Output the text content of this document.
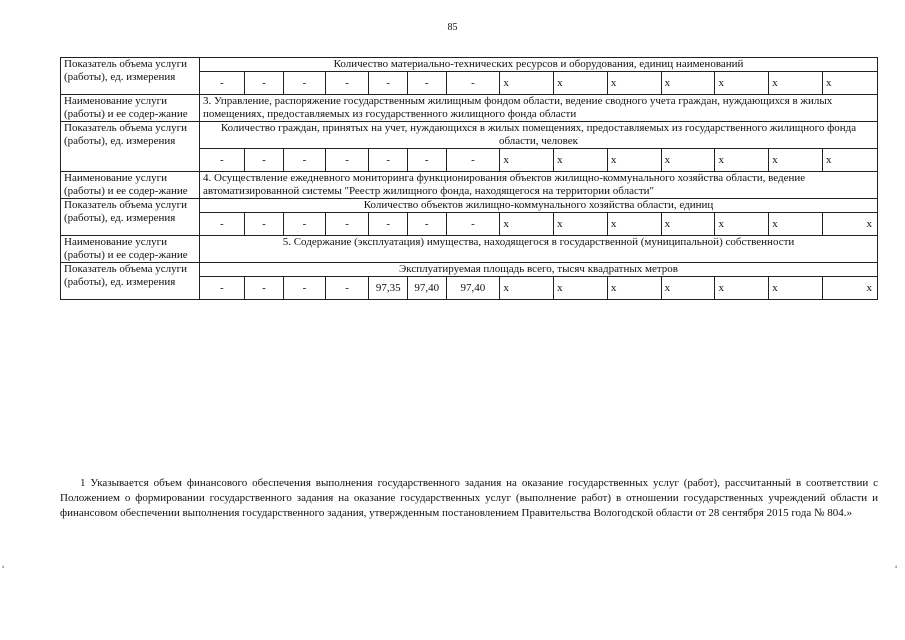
85
Показатель объема услуги (работы), ед. измерения	Количество материально-технических ресурсов и оборудования, единиц наименований													
	-	-	-	-	-	-	-	х	х	х	х	х	х	х
Наименование услуги (работы) и ее содер-жание	3. Управление, распоряжение государственным жилищным фондом области, ведение сводного учета граждан, нуждающихся в жилых помещениях, предоставляемых из государственного жилищного фонда области													
Показатель объема услуги (работы), ед. измерения	Количество граждан, принятых на учет, нуждающихся в жилых помещениях, предоставляемых из государственного жилищного фонда области, человек													
	-	-	-	-	-	-	-	х	х	х	х	х	х	х
Наименование услуги (работы) и ее содер-жание	4. Осуществление ежедневного мониторинга функционирования объектов жилищно-коммунального хозяйства области, ведение автоматизированной системы "Реестр жилищного фонда, находящегося на территории области"													
Показатель объема услуги (работы), ед. измерения	Количество объектов жилищно-коммунального хозяйства области, единиц													
	-	-	-	-	-	-	-	х	х	х	х	х	х	х
Наименование услуги (работы) и ее содер-жание	5. Содержание (эксплуатация) имущества, находящегося в государственной (муниципальной) собственности													
Показатель объема услуги (работы), ед. измерения	Эксплуатируемая площадь всего, тысяч квадратных метров													
	-	-	-	-	97,35	97,40	97,40	х	х	х	х	х	х	х
1 Указывается объем финансового обеспечения выполнения государственного задания на оказание государственных услуг (работ), рассчитанный в соответствии с Положением о формировании государственного задания на оказание государственных услуг (выполнение работ) в отношении государственных учреждений области и финансовом обеспечении выполнения государственного задания, утвержденным постановлением Правительства Вологодской области от 28 сентября 2015 года № 804.»
ᵃ	ᵃ
